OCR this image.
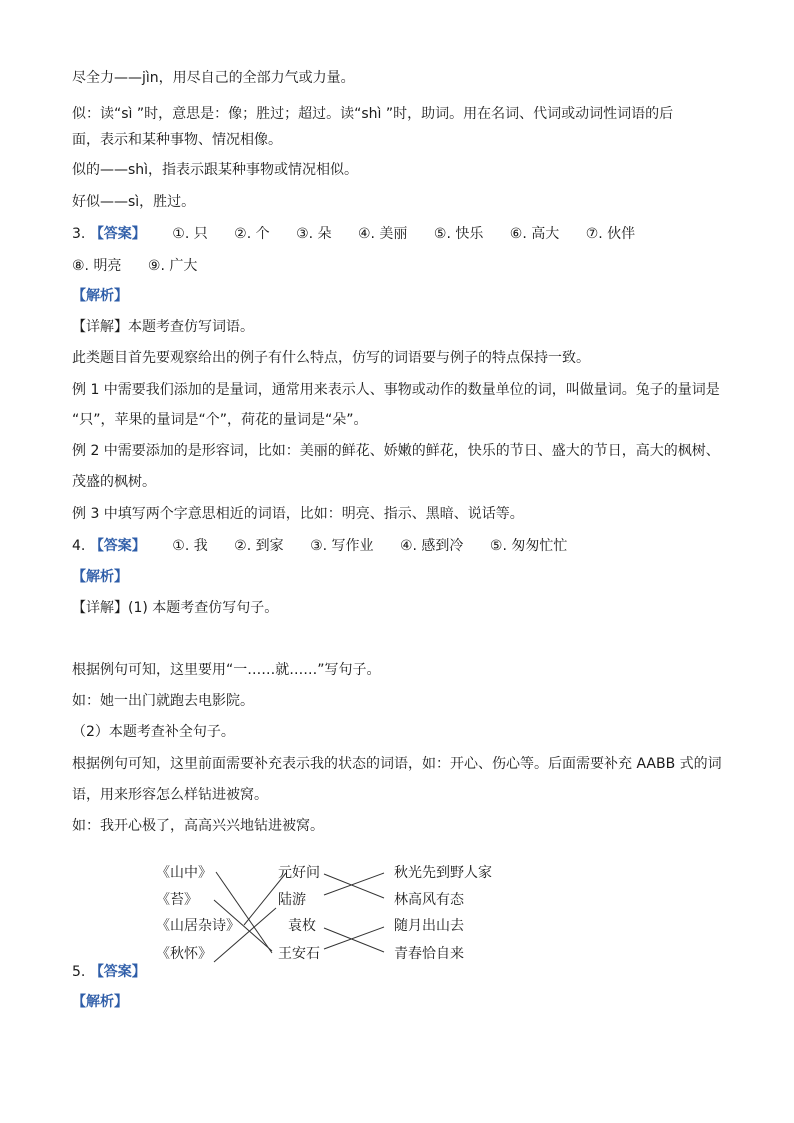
尽全力——jìn，用尽自己的全部力气或力量。
似：读“sì ”时，意思是：像；胜过；超过。读“shì ”时，助词。用在名词、代词或动词性词语的后
面，表示和某种事物、情况相像。
似的——shì，指表示跟某种事物或情况相似。
好似——sì，胜过。
3. 【答案】 ①. 只 ②. 个 ③. 朵 ④. 美丽 ⑤. 快乐 ⑥. 高大 ⑦. 伙伴
⑧. 明亮 ⑨. 广大
【解析】
【详解】本题考查仿写词语。
此类题目首先要观察给出的例子有什么特点，仿写的词语要与例子的特点保持一致。
例 1 中需要我们添加的是量词，通常用来表示人、事物或动作的数量单位的词，叫做量词。兔子的量词是
“只”，苹果的量词是“个”，荷花的量词是“朵”。
例 2 中需要添加的是形容词，比如：美丽的鲜花、娇嫩的鲜花，快乐的节日、盛大的节日，高大的枫树、
茂盛的枫树。
例 3 中填写两个字意思相近的词语，比如：明亮、指示、黑暗、说话等。
4. 【答案】 ①. 我 ②. 到家 ③. 写作业 ④. 感到冷 ⑤. 匆匆忙忙
【解析】
【详解】(1) 本题考查仿写句子。
根据例句可知，这里要用“一……就……”写句子。
如：她一出门就跑去电影院。
（2）本题考查补全句子。
根据例句可知，这里前面需要补充表示我的状态的词语，如：开心、伤心等。后面需要补充 AABB 式的词
语，用来形容怎么样钻进被窝。
如：我开心极了，高高兴兴地钻进被窝。
《山中》
《苔》
《山居杂诗》
《秋怀》
元好问
陆游
袁枚
王安石
秋光先到野人家
林高风有态
随月出山去
青春恰自来
5. 【答案】
【解析】
